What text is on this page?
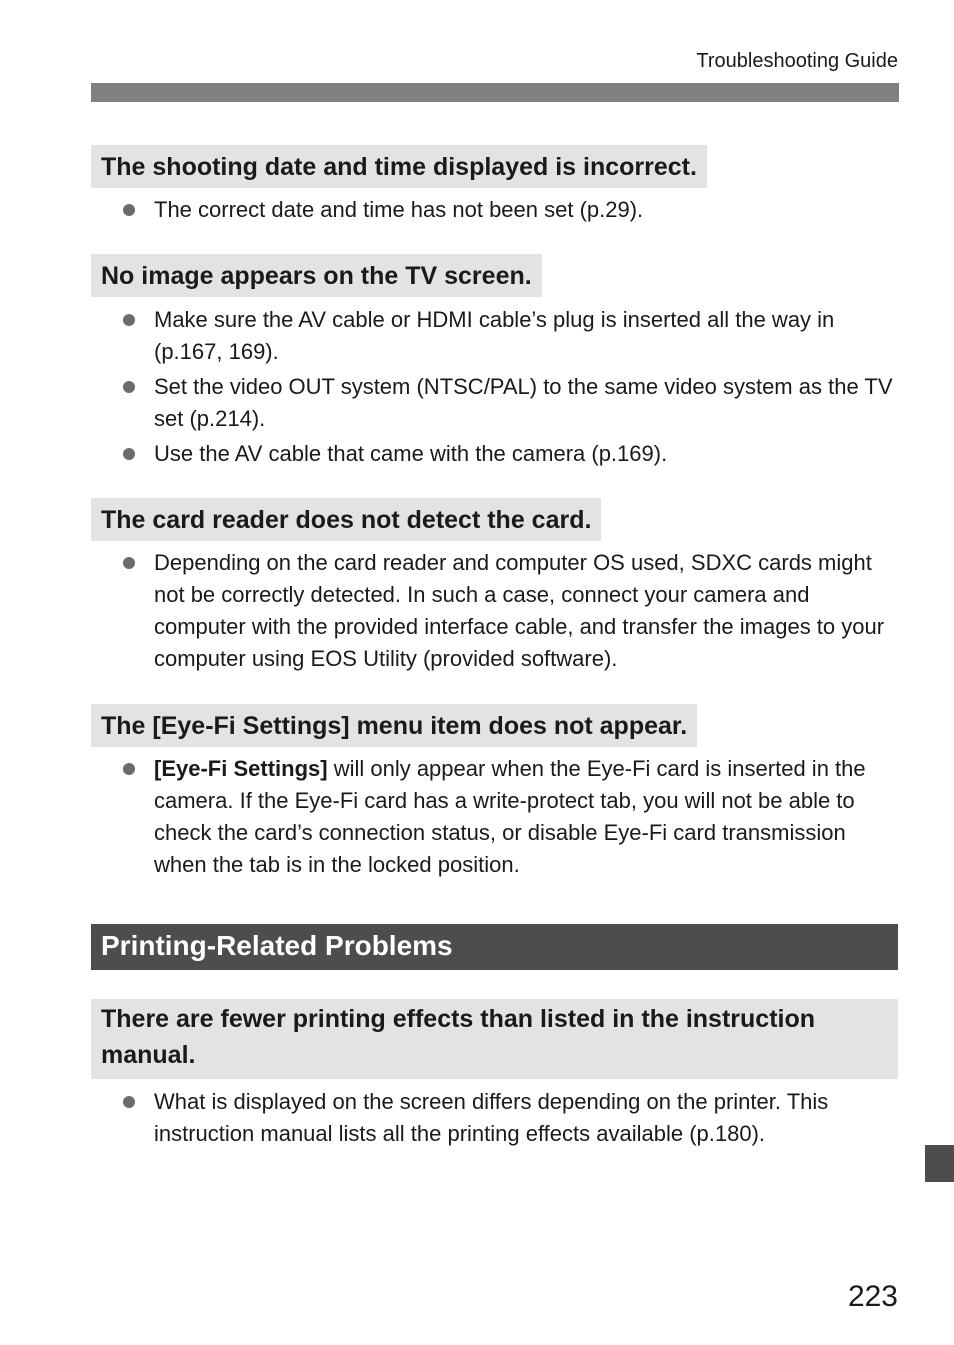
Troubleshooting Guide
The shooting date and time displayed is incorrect.
The correct date and time has not been set (p.29).
No image appears on the TV screen.
Make sure the AV cable or HDMI cable’s plug is inserted all the way in (p.167, 169).
Set the video OUT system (NTSC/PAL) to the same video system as the TV set (p.214).
Use the AV cable that came with the camera (p.169).
The card reader does not detect the card.
Depending on the card reader and computer OS used, SDXC cards might not be correctly detected. In such a case, connect your camera and computer with the provided interface cable, and transfer the images to your computer using EOS Utility (provided software).
The [Eye-Fi Settings] menu item does not appear.
[Eye-Fi Settings] will only appear when the Eye-Fi card is inserted in the camera. If the Eye-Fi card has a write-protect tab, you will not be able to check the card’s connection status, or disable Eye-Fi card transmission when the tab is in the locked position.
Printing-Related Problems
There are fewer printing effects than listed in the instruction manual.
What is displayed on the screen differs depending on the printer. This instruction manual lists all the printing effects available (p.180).
223
